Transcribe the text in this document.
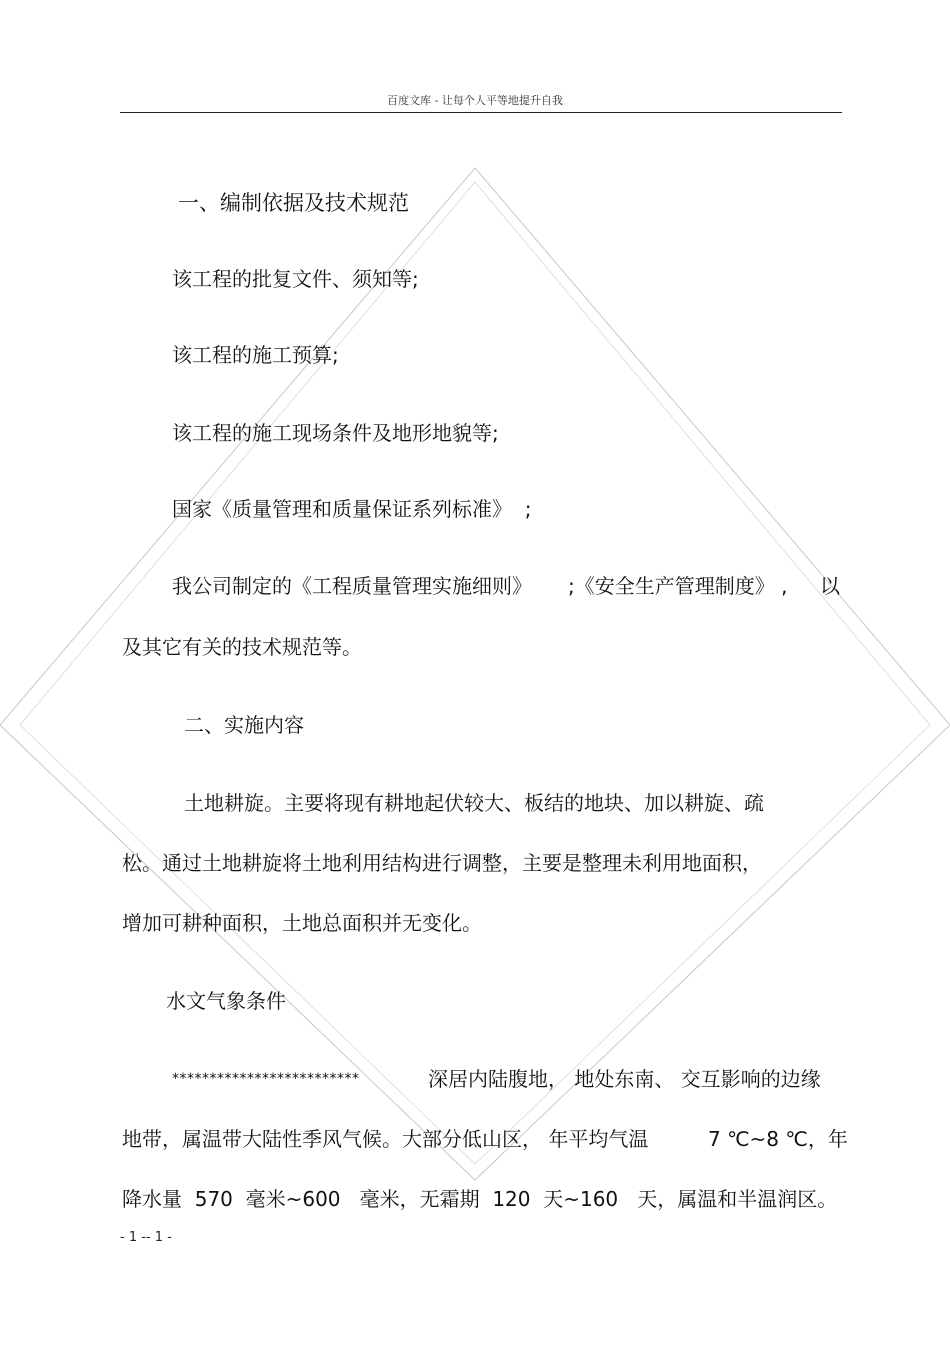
百度文库 - 让每个人平等地提升自我
一、编制依据及技术规范
该工程的批复文件、须知等;
该工程的施工预算;
该工程的施工现场条件及地形地貌等;
国家《质量管理和质量保证系列标准》  ;
我公司制定的《工程质量管理实施细则》 ;《安全生产管理制度》 , 以
及其它有关的技术规范等。
二、实施内容
土地耕旋。主要将现有耕地起伏较大、板结的地块、加以耕旋、疏
松。通过土地耕旋将土地利用结构进行调整，主要是整理未利用地面积，
增加可耕种面积，土地总面积并无变化。
水文气象条件
*************************	深居内陆腹地， 地处东南、 交互影响的边缘
地带，属温带大陆性季风气候。大部分低山区， 年平均气温	7 ℃~8 ℃，年
降水量  570  毫米~600   毫米，无霜期  120  天~160   天，属温和半温润区。
- 1 -- 1 -
